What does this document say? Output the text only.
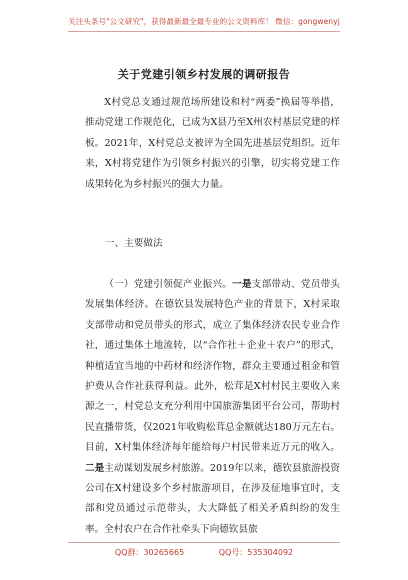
关注头条号"公文研究"，获得最新最全最专业的公文资料库！ 微信：gongwenyj
关于党建引领乡村发展的调研报告

X村党总支通过规范场所建设和村“两委”换届等举措，推动党建工作规范化，已成为X县乃至X州农村基层党建的样板。2021年，X村党总支被评为全国先进基层党组织。近年来，X村将党建作为引领乡村振兴的引擎，切实将党建工作成果转化为乡村振兴的强大力量。

一、主要做法

（一）党建引领促产业振兴。一是支部带动、党员带头发展集体经济。在德钦县发展特色产业的背景下，X村采取支部带动和党员带头的形式，成立了集体经济农民专业合作社，通过集体土地流转，以“合作社＋企业＋农户”的形式，种植适宜当地的中药材和经济作物，群众主要通过租金和管护费从合作社获得利益。此外，松茸是X村村民主要收入来源之一，村党总支充分利用中国旅游集团平台公司，帮助村民直播带货，仅2021年收购松茸总金额就达180万元左右。目前，X村集体经济每年能给每户村民带来近万元的收入。二是主动谋划发展乡村旅游。2019年以来，德钦县旅游投资公司在X村建设多个乡村旅游项目，在涉及征地事宜时，支部和党员通过示范带头，大大降低了相关矛盾纠纷的发生率。全村农户在合作社牵头下向德钦县旅

QQ群：30265665	QQ号：535304092
